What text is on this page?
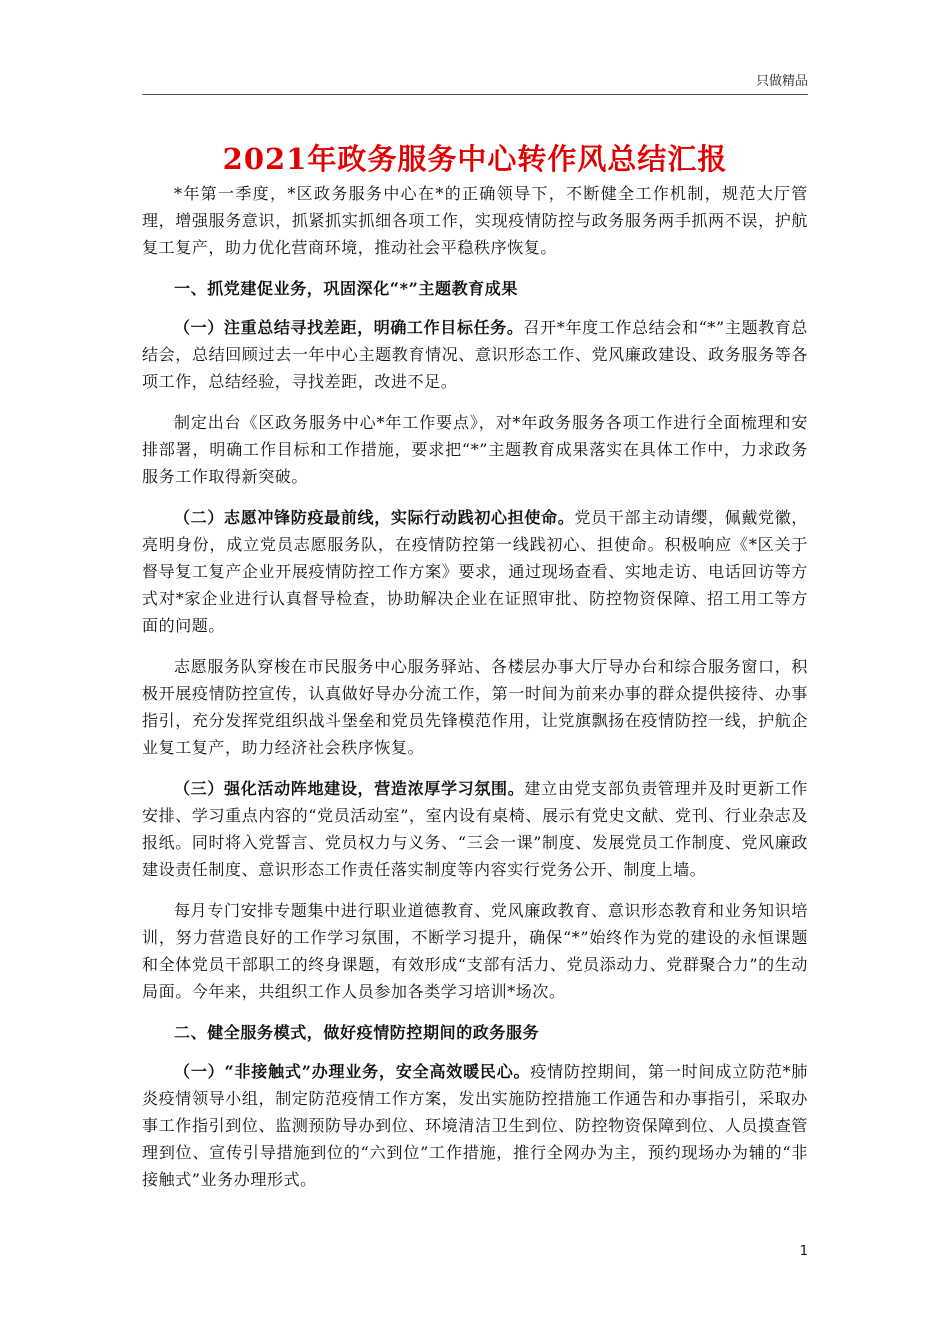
只做精品
2021年政务服务中心转作风总结汇报

*年第一季度，*区政务服务中心在*的正确领导下，不断健全工作机制，规范大厅管理，增强服务意识，抓紧抓实抓细各项工作，实现疫情防控与政务服务两手抓两不误，护航复工复产，助力优化营商环境，推动社会平稳秩序恢复。

一、抓党建促业务，巩固深化“*”主题教育成果

（一）注重总结寻找差距，明确工作目标任务。召开*年度工作总结会和“*”主题教育总结会，总结回顾过去一年中心主题教育情况、意识形态工作、党风廉政建设、政务服务等各项工作，总结经验，寻找差距，改进不足。

制定出台《区政务服务中心*年工作要点》，对*年政务服务各项工作进行全面梳理和安排部署，明确工作目标和工作措施，要求把“*”主题教育成果落实在具体工作中，力求政务服务工作取得新突破。

（二）志愿冲锋防疫最前线，实际行动践初心担使命。党员干部主动请缨，佩戴党徽，亮明身份，成立党员志愿服务队，在疫情防控第一线践初心、担使命。积极响应《*区关于督导复工复产企业开展疫情防控工作方案》要求，通过现场查看、实地走访、电话回访等方式对*家企业进行认真督导检查，协助解决企业在证照审批、防控物资保障、招工用工等方面的问题。

志愿服务队穿梭在市民服务中心服务驿站、各楼层办事大厅导办台和综合服务窗口，积极开展疫情防控宣传，认真做好导办分流工作，第一时间为前来办事的群众提供接待、办事指引，充分发挥党组织战斗堡垒和党员先锋模范作用，让党旗飘扬在疫情防控一线，护航企业复工复产，助力经济社会秩序恢复。

（三）强化活动阵地建设，营造浓厚学习氛围。建立由党支部负责管理并及时更新工作安排、学习重点内容的“党员活动室”，室内设有桌椅、展示有党史文献、党刊、行业杂志及报纸。同时将入党誓言、党员权力与义务、“三会一课”制度、发展党员工作制度、党风廉政建设责任制度、意识形态工作责任落实制度等内容实行党务公开、制度上墙。

每月专门安排专题集中进行职业道德教育、党风廉政教育、意识形态教育和业务知识培训，努力营造良好的工作学习氛围，不断学习提升，确保“*”始终作为党的建设的永恒课题和全体党员干部职工的终身课题，有效形成“支部有活力、党员添动力、党群聚合力”的生动局面。今年来，共组织工作人员参加各类学习培训*场次。

二、健全服务模式，做好疫情防控期间的政务服务

（一）“非接触式”办理业务，安全高效暖民心。疫情防控期间，第一时间成立防范*肺炎疫情领导小组，制定防范疫情工作方案，发出实施防控措施工作通告和办事指引，采取办事工作指引到位、监测预防导办到位、环境清洁卫生到位、防控物资保障到位、人员摸查管理到位、宣传引导措施到位的“六到位”工作措施，推行全网办为主，预约现场办为辅的“非接触式”业务办理形式。

1
